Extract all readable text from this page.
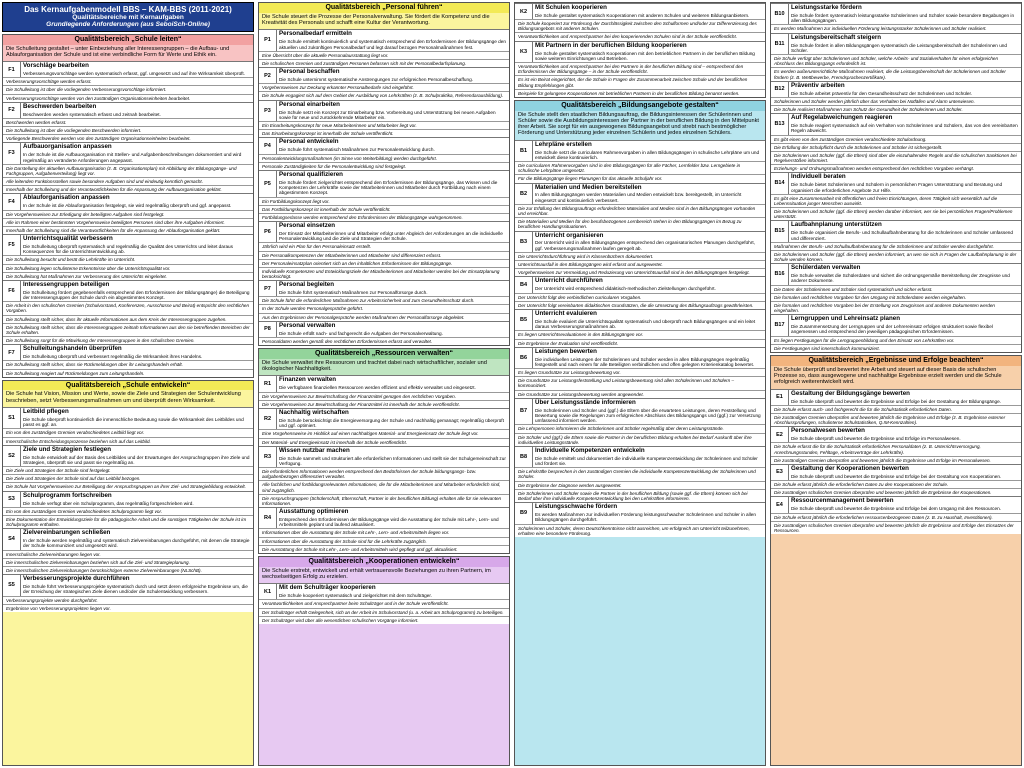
Das Kernaufgabenmodell BBS – KAM-BBS (2011-2021)
Qualitätsbereiche mit Kernaufgaben
Grundlegende Anforderungen (aus SeboiSch-Online)
Qualitätsbereich „Schule leiten“
Die Schulleitung gestaltet – unter Einbeziehung aller Interessengruppen – die Aufbau- und Ablauforganisation der Schule und ist eine verbindliche Form für Werte und Ethik ein.
F1
Vorschläge bearbeiten
Verbesserungsvorschläge werden systematisch erfasst, ggf. umgesetzt und auf ihre Wirksamkeit überprüft.
Verbesserungsvorschläge werden erfasst.
Die Schulleitung ist über die vorliegenden Verbesserungsvorschläge informiert.
Verbesserungsvorschläge werden von den zuständigen Organisationseinheiten bearbeitet.
F2
Beschwerden bearbeiten
Beschwerden werden systematisch erfasst und zeitnah bearbeitet.
Beschwerden werden erfasst.
Die Schulleitung ist über die vorliegenden Beschwerden informiert.
Vorliegende Beschwerden werden von den zuständigen Organisationseinheiten bearbeitet.
F3
Aufbauorganisation anpassen
In der Schule ist die Aufbauorganisation mit Stellen- und Aufgabenbeschreibungen dokumentiert und wird regelmäßig an veränderte Anforderungen angepasst.
Die Darstellung der aktuellen Aufbauorganisation (z. B. Organisationsplan) mit Abbildung der Bildungsgänge- und Fachgruppen, Aufgabenverteilung) liegt vor.
Alle leitenden Funktionsstellen sowie besondere Aufgaben sind und eindeutig kenntlich gemacht.
Innerhalb der Schulleitung und der Verantwortlichkeiten für die Anpassung der Aufbauorganisation geklärt.
F4
Ablauforganisation anpassen
In der Schule ist die Ablauforganisation festgelegt, sie wird regelmäßig überprüft und ggf. angepasst.
Die Vorgehensweisen zur Erledigung der beteiligten Aufgaben sind festgelegt.
Alle im Rahmen einer bestimmten Vorgehensweise beteiligten Personen sind über ihre Aufgaben informiert.
Innerhalb der Schulleitung sind die Verantwortlichkeiten für die Anpassung der Ablauforganisation geklärt.
F5
Unterrichtsqualität verbessern
Die Schulleitung überprüft systematisch und regelmäßig die Qualität des Unterrichts und leitet daraus Konsequenzen für die Unterrichtsentwicklung ab.
Die Schulleitung besucht und berät die Lehrkräfte im Unterricht.
Die Schulleitung legen schulinterne Erkenntnisse über die Unterrichtsqualität vor.
Die Schulleitung hat Maßnahmen zur Verbesserung des Unterrichts eingeleitet.
F6
Interessengruppen beteiligen
Die Schulleitung fördert gegebenenfalls entsprechend den Erfordernissen der Bildungsgänge) die Beteiligung der Interessengruppen der Schule durch ein abgestimmtes Konzept.
Die Arbeit in den schulischen Gremien (Schulvorstand, Konferenzen, Ausschüsse und Beirat) entspricht den rechtlichen Vorgaben.
Die Schulleitung stellt sicher, dass ihr aktuelle Informationen aus dem Kreis der Interessengruppen zugehen.
Die Schulleitung stellt sicher, dass die Interessengruppen zeitnah Informationen aus den sie betreffenden Bereichen der Schule erhalten.
Die Schulleitung sorgt für die Mitwirkung der Interessengruppen in den schulischen Gremien.
F7
Schulleitungshandeln überprüfen
Die Schulleitung überprüft und verbessert regelmäßig die Wirksamkeit ihres Handelns.
Die Schulleitung stellt sicher, dass sie Rückmeldungen über ihr Leitungshandeln erhält.
Die Schulleitung reagiert auf Rückmeldungen zum Leitungshandeln.
Qualitätsbereich „Schule entwickeln“
Die Schule hat Vision, Mission und Werte, sowie die Ziele und Strategien der Schulentwicklung beschrieben, setzt Verbesserungsmaßnahmen um und überprüft deren Wirksamkeit.
S1
Leitbild pflegen
Die Schule überprüft kontinuierlich die inmenschliche Bedeutung sowie die Wirksamkeit des Leitbildes und passt es ggf. an.
Ein von den zuständigen Gremien verabschiedetes Leitbild liegt vor.
Innerschulische Entscheidungsprozesse beziehen sich auf das Leitbild.
S2
Ziele und Strategien festlegen
Die Schule entwickelt auf der Basis des Leitbildes und der Erwartungen der Anspruchsgruppen ihre Ziele und Strategien, überprüft sie und passt sie regelmäßig an.
Die Ziele und Strategien der Schule sind festgelegt.
Die Ziele und Strategien der Schule sind auf das Leitbild bezogen.
Die Schule hat Vorgehensweisen zur Beteiligung der Anspruchsgruppen an ihrer Ziel- und Strategiebildung entwickelt.
S3
Schulprogramm fortschreiben
Die Schule verfügt über ein Schulprogramm, das regelmäßig fortgeschrieben wird.
Ein von den zuständigen Gremien verabschiedetes Schulprogramm liegt vor.
Eine Dokumentation der Entwicklungsziele für die pädagogische Arbeit und die sonstigen Tätigkeiten der Schule ist im Schulprogramm enthalten.
S4
Zielvereinbarungen schließen
In der Schule werden regelmäßig und systematisch Zielvereinbarungen durchgeführt, mit denen die Strategie der Schule kommuniziert und umgesetzt wird.
Innerschulische Zielvereinbarungen liegen vor.
Die innerschulischen Zielvereinbarungen beziehen sich auf die Ziel- und Strategieplanung.
Die innerschulischen Zielvereinbarungen berücksichtigen externe Zielvereinbarungen (NLSchB).
S5
Verbesserungsprojekte durchführen
Die Schule führt Verbesserungsprojekte systematisch durch und setzt deren erfolgreiche Ergebnisse um, die der Erreichung der strategischen Ziele dienen und/oder die Schulentwicklung verbessern.
Verbesserungsprojekte werden durchgeführt.
Ergebnisse von Verbesserungsprojekten liegen vor.
Qualitätsbereich „Personal führen“
Die Schule steuert die Prozesse der Personalverwaltung. Sie fördert die Kompetenz und die Kreativität des Personals und schafft eine Kultur der Verantwortung.
P1
Personalbedarf ermitteln
Die Schule ermittelt kontinuierlich und systematisch entsprechend den Erfordernissen der Bildungsgänge den aktuellen und zukünftigen Personalbedarf und legt darauf bezogen Personalmaßnahmen fest.
Eine Übersicht über die aktuelle Personalausstattung liegt vor.
Die schulischen Gremien und zuständigen Personen befassen sich mit der Personalbedarfsplanung.
P2
Personal beschaffen
Die Schule unternimmt systematische Anstrengungen zur erfolgreichen Personalbeschaffung.
Vorgehensweisen zur Deckung erkannter Personalbedarfe sind eingeführt.
Die Schule engagiert sich auf dem Gebiet der Ausbildung von Lehrkräften (z. B. Schulpraktika, Referendarausbildung).
P3
Personal einarbeiten
Die Schule setzt ein Konzept zur Einarbeitung bzw. Vorbereitung und Unterstützung bei neuen Aufgaben sowie für neue und zurückkehrende Mitarbeiter ein.
Ein Einarbeitungskonzept für neue Mitarbeiterinnen und Mitarbeiter liegt vor.
Das Einarbeitungskonzept ist innerhalb der Schule veröffentlicht.
P4
Personal entwickeln
Die Schule führt systematisch Maßnahmen zur Personalentwicklung durch.
Personalentwicklungsmaßnahmen (im Sinne von Weiterbildung) werden durchgeführt.
Personale Zuständigkeiten für die Personalentwicklung sind festgelegt.
P5
Personal qualifizieren
Die Schule fördert zielgerichtet entsprechend den Erfordernissen der Bildungsgänge, das Wissen und die Kompetenzen der Lehrkräfte sowie der Mitarbeiterinnen und Mitarbeiter durch Fortbildung nach einem abgestimmten Konzept.
Ein Fortbildungskonzept liegt vor.
Das Fortbildungskonzept ist innerhalb der Schule veröffentlicht.
Fortbildungserlasse werden entsprechend den Erfordernissen der Bildungsgänge wahrgenommen.
P6
Personal einsetzen
Der Einsatz der Mitarbeiterinnen und Mitarbeiter erfolgt unter Abgleich der Anforderungen an die individuelle Personalentwicklung und die Ziele und Strategien der Schule.
Jährlich wird ein Plan für den Personaleinsatz erstellt.
Die Personalkompetenzen der Mitarbeiterinnen und Mitarbeiter sind differenziert erfasst.
Der Personaleinsatzplan orientiert sich an den inhaltlichen Erfordernissen der Bildungsgänge.
Individuelle Kompetenzen und Entwicklungsziele der Mitarbeiterinnen und Mitarbeiter werden bei der Einsatzplanung berücksichtigt.
P7
Personal begleiten
Die Schule führt systematisch Maßnahmen zur Personalfürsorge durch.
Die Schule führt die erforderlichen Maßnahmen zur Arbeitssicherheit und zum Gesundheitsschutz durch.
In der Schule werden Personalgespräche geführt.
Aus den Ergebnissen der Personalgespräche werden Maßnahmen der Personalfürsorge abgeleitet.
P8
Personal verwalten
Die Schule erfüllt nach- und fachgerecht die Aufgaben der Personalverwaltung.
Personaldaten werden gemäß den rechtlichen Erfordernissen erfasst und verwaltet.
Qualitätsbereich „Ressourcen verwalten“
Die Schule verwaltet ihre Ressourcen und trachtet dabei nach wirtschaftlicher, sozialer und ökologischer Nachhaltigkeit.
R1
Finanzen verwalten
Die verfügbaren finanziellen Ressourcen werden effizient und effektiv verwaltet und eingesetzt.
Die Vorgehensweisen zur Bewirtschaftung der Finanzmittel genügen den rechtlichen Vorgaben.
Die Vorgehensweisen zur Bewirtschaftung der Finanzmittel ist innerhalb der Schule veröffentlicht.
R2
Nachhaltig wirtschaften
Die Schule berücksichtigt die Energieversorgung der Schule und nachhaltig gemanagt; regelmäßig überprüft und ggf. optimiert.
Eine Vorgehensweise im Hinblick auf einen nachhaltigen Material- und Energieeinsatz der Schule liegt vor.
Der Material- und Energieeinsatz ist innerhalb der Schule veröffentlicht.
R3
Wissen nutzbar machen
Die Schule sammelt und strukturiert alle erforderlichen Informationen und stellt sie der Schulgemeinschaft zur Verfügung.
Die erforderlichen Informationen werden entsprechend den Bedürfnissen der Schule bildungsgangs- bzw. aufgabenbezogen differenziert verwaltet.
Alle fachlichen und fortbildungsrelevanten Informationen, die für die Mitarbeiterinnen und Mitarbeiter erforderlich sind, sind zugänglich.
Die Anspruchsgruppen (Schülerschaft, Elternschaft, Partner in der beruflichen Bildung) erhalten alle für sie relevanten Informationen.
R4
Ausstattung optimieren
Entsprechend den Erfordernissen der Bildungsgänge wird die Ausstattung der Schule mit Lehr-, Lern- und Arbeitsmitteln geplant und laufend aktualisiert.
Informationen über die Ausstattung der Schule mit Lehr-, Lern- und Arbeitsmitteln liegen vor.
Informationen über die Ausstattung der Schule sind für die Lehrkräfte zugänglich.
Die Ausstattung der Schule mit Lehr-, Lern- und Arbeitsmitteln wird gepflegt und ggf. aktualisiert.
Qualitätsbereich „Kooperationen entwickeln“
Die Schule erstrebt, entwickelt und erhält vertrauensvolle Beziehungen zu ihren Partnern, im wechselseitigen Erfolg zu erzielen.
K1
Mit dem Schulträger kooperieren
Die Schule kooperiert systematisch und zielgerichtet mit dem Schulträger.
Verantwortlichkeiten und Ansprechpartner beim Schulträger und in der Schule veröffentlicht.
Der Schulträger erhält Gelegenheit, sich an der Arbeit im Schulvorstand (u. a. Arbeit am Schulprogramm) zu beteiligen.
Der Schulträger wird über alle wesentlichen schulischen Vorgänge informiert.
K2
Mit Schulen kooperieren
Die Schule gestaltet systematisch Kooperationen mit anderen Schulen und weiteren Bildungsanbietern.
Die Schule kooperiert zur Förderung der Durchlässigkeit zwischen den Schulformen und/oder zur Differenzierung des Bildungsangebots mit anderen Schulen.
Verantwortlichkeiten und Ansprechpartner bei den kooperierenden Schulen sind in der Schule veröffentlicht.
K3
Mit Partnern in der beruflichen Bildung kooperieren
Die Schule gestaltet systematisch Kooperationen mit den betrieblichen Partnern in der beruflichen Bildung sowie weiteren Einrichtungen und Betrieben.
Verantwortlichkeiten und Ansprechpartner bei den Partnern in der beruflichen Bildung sind – entsprechend den Erfordernissen der Bildungsgänge – in der Schule veröffentlicht.
Es ist ein Beirat eingerichtet, der die Schule in Fragen der Zusammenarbeit zwischen Schule und der beruflichen Bildung Empfehlungen gibt.
Beispiele für gelungene Kooperationen mit betrieblichen Partnern in der beruflichen Bildung benannt werden.
Qualitätsbereich „Bildungsangebote gestalten“
Die Schule stellt den staatlichen Bildungsauftrag, die Bildungsinteressen der Schülerinnen und Schüler sowie die Ausbildungsinteressen der Partner in der beruflichen Bildung in den Mittelpunkt ihrer Arbeit. Sie sorgt für ein ausgewogenes Bildungsangebot und strebt nach bestmöglicher Förderung und Unterstützung jeder einzelnen Schülerin und jedes einzelnen Schülers.
B1
Lehrpläne erstellen
Die Schule setzt die curricularen Rahmenvorgaben in allen Bildungsgängen in schulische Lehrpläne um und entwickelt diese kontinuierlich.
Die curricularen Rahmenvorgaben sind in den Bildungsgängen für alle Fächer, Lernfelder bzw. Lerngebiete in schulische Lehrpläne umgesetzt.
Für die Bildungsgänge liegen Planungen für das aktuelle Schuljahr vor.
B2
Materialien und Medien bereitstellen
In allen Bildungsgängen werden Materialien und Medien entwickelt bzw. bereitgestellt, im Unterricht eingesetzt und kontinuierlich verbessert.
Die zur Erfüllung des Bildungsauftrags erforderlichen Materialien und Medien sind in den Bildungsgängen vorhanden und erreichbar.
Die Materialien und Medien für den berufsbezogenen Lernbereich stehen in den Bildungsgängen im Bezug zu beruflichen Handlungssituationen.
B3
Unterricht organisieren
Der Unterricht wird in allen Bildungsgängen entsprechend den organisatorischen Planungen durchgeführt, ggf. Verbesserungsmaßnahmen laufen geregelt ab.
Die Unterrichtsdurchführung wird in Klassenbüchern dokumentiert.
Unterrichtsausfall in den Bildungsgängen wird erfasst und ausgewertet.
Vorgehensweisen zur Vermeidung und Reduzierung von Unterrichtsausfall sind in den Bildungsgängen festgelegt.
B4
Unterricht durchführen
Der Unterricht wird entsprechend didaktisch-methodischen Zielstellungen durchgeführt.
Der Unterricht folgt den verbindlichen curricularen Vorgaben.
Der Unterricht folgt vereinbarten didaktischen Grundsätzen, die die Umsetzung des Bildungsauftrags gewährleisten.
B5
Unterricht evaluieren
Die Schule evaluiert die Unterrichtsqualität systematisch und überprüft nach Bildungsgängen und ein leitet daraus Verbesserungsmaßnahmen ab.
Es liegen Unterrichtsevaluationen in den Bildungsgängen vor.
Die Ergebnisse der Evaluation sind veröffentlicht.
B6
Leistungen bewerten
Die individuellen Leistungen der Schülerinnen und Schüler werden in allen Bildungsgängen regelmäßig festgestellt und nach einem für alle Beteiligten verbindlichen und offen gelegten Kriterienkatalog bewertet.
Es liegen Grundsätze zur Leistungsbewertung vor.
Die Grundsätze zur Leistungsfeststellung und Leistungsbewertung sind allen Schülerinnen und Schülern – kommuniziert.
Die Grundsätze zur Leistungsbewertung werden angewendet.
B7
Über Leistungsstände informieren
Die Schülerinnen und Schüler und (ggf.) die Eltern über die erwarteten Leistungen, deren Feststellung und Bewertung sowie die Regelungen zum erfolgreichen Abschluss des Bildungsgangs und (ggf.) zur Versetzung umfassend informiert werden.
Die Lehrpersonen informieren die Schülerinnen und Schüler regelmäßig über deren Leistungsstände.
Die Schüler und (ggf.) die Eltern sowie die Partner in der beruflichen Bildung erhalten bei Bedarf Auskunft über ihre individuellen Leistungsstände.
B8
Individuelle Kompetenzen entwickeln
Die Schule ermittelt und dokumentiert die individuelle Kompetenzentwicklung der Schülerinnen und Schüler und fördert sie.
Die Lehrkräfte besprechen in den zuständigen Gremien die individuelle Kompetenzentwicklung der Schülerinnen und Schüler.
Die Ergebnisse der Diagnose werden ausgewertet.
Die Schülerinnen und Schüler sowie die Partner in der beruflichen Bildung (sowie ggf. die Eltern) können sich bei Bedarf über ihre individuelle Kompetenzentwicklung bei den Lehrkräften informieren.
B9
Leistungsschwache fördern
Es werden Maßnahmen zur individuellen Förderung leistungsschwacher Schülerinnen und Schüler in allen Bildungsgängen durchgeführt.
Schülerinnen und Schüler, deren Deutschkenntnisse nicht ausreichen, um erfolgreich am Unterricht teilzunehmen, erhalten eine besondere Förderung.
B10
Leistungsstarke fördern
Die Schule fördert systematisch leistungsstarke Schülerinnen und Schüler sowie besondere Begabungen in allen Bildungsgängen.
Es werden Maßnahmen zur individuellen Förderung leistungsstarker Schülerinnen und Schüler realisiert.
B11
Leistungsbereitschaft steigern
Die Schule fördert in allen Bildungsgängen systematisch die Leistungsbereitschaft der Schülerinnen und Schüler.
Die Schule verfügt über Schülerinnen und Schüler, welche Arbeits- und Sozialverhalten für einen erfolgreichen Abschluss des Bildungsgangs erforderlich ist.
Es werden außerunterrichtliche Maßnahmen realisiert, die die Leistungsbereitschaft der Schülerinnen und Schüler fördern (z. B. Wettbewerbe, Fremdsprachenzertifikate).
B12
Präventiv arbeiten
Die Schule arbeitet präventiv für den Gesundheitsschutz der Schülerinnen und Schüler.
Schülerinnen und Schüler werden jährlich über das Verhalten bei Notfällen und Alarm unterwiesen.
Die Schule realisiert Maßnahmen zum Schutz der Gesundheit der Schülerinnen und Schüler.
B13
Auf Regelabweichungen reagieren
Die Schule reagiert systematisch auf ein Verhalten von Schülerinnen und Schülern, das von den vereinbarten Regeln abweicht.
Es gibt einen von den zuständigen Gremien verabschiedete Schulordnung.
Die Erfüllung der Schulpflicht durch die Schülerinnen und Schüler ist sichergestellt.
Die Schülerinnen und Schüler (ggf. die Eltern) sind über die einzuhaltenden Regeln und die schulischen Sanktionen bei Regelverstößen informiert.
Erziehungs- und Ordnungsmaßnahmen werden entsprechend den rechtlichen Vorgaben verhängt.
B14
Individuell beraten
Die Schule bietet Schülerinnen und Schülern in persönlichen Fragen Unterstützung und Beratung und organisiert die erforderlichen Angebote zur Hilfe.
Es gibt eine Zusammenarbeit mit öffentlichen und freien Einrichtungen, deren Tätigkeit sich wesentlich auf die Lebenssituation junger Menschen auswirkt.
Die Schülerinnen und Schüler (ggf. die Eltern) werden darüber informiert, wer sie bei persönlichen Fragen/Problemen unterstützt.
B15
Laufbahnplanung unterstützen
Die Schule organisiert die Berufs- und Schullaufbahnberatung für die Schülerinnen und Schüler umfassend und differenziert.
Maßnahmen der Berufs- und Schullaufbahnberatung für die Schülerinnen und Schüler werden durchgeführt.
Die Schülerinnen und Schüler (ggf. die Eltern) werden informiert, an wen sie sich in Fragen der Laufbahnplanung in der Schule wenden können.
B16
Schülerdaten verwalten
Die Schule verwaltet die Schülerdaten und sichert die ordnungsgemäße Bereitstellung der Zeugnisse und anderer Dokumente.
Die Daten der Schülerinnen und Schüler sind systematisch und sicher erfasst.
Die formalen und rechtlichen Vorgaben für den Umgang mit Schülerdaten werden eingehalten.
Die formalen und rechtlichen Vorgaben bei der Erstellung von Zeugnissen und anderen Dokumenten werden eingehalten.
B17
Lerngruppen und Lehreinsatz planen
Die Zusammensetzung der Lerngruppen und der Lehrereinsatz erfolgen strukturiert sowie flexibel angemessen und entsprechend den jeweiligen pädagogischen Erfordernissen.
Es liegen Festlegungen für die Lerngruppenbildung und den Einsatz von Lehrkräften vor.
Die Festlegungen sind innerschulisch kommuniziert.
Qualitätsbereich „Ergebnisse und Erfolge beachten“
Die Schule überprüft und bewertet ihre Arbeit und steuert auf dieser Basis die schulischen Prozesse so, dass ausgewogene und nachhaltige Ergebnisse erzielt werden und die Schule erfolgreich weiterentwickelt wird.
E1
Gestaltung der Bildungsgänge bewerten
Die Schule überprüft und bewertet die Ergebnisse und Erfolge bei der Gestaltung der Bildungsgänge.
Die Schule erfasst auch- und fachgerecht die für die Schulstatistik erforderlichen Daten.
Die zuständigen Gremien überprüfen und bewerten jährlich die Ergebnisse und Erfolge (z. B. Ergebnisse externer Abschlussprüfungen, schulinterne Schulstatistiken, Q.IM-Kennzahlen).
E2
Personalwesen bewerten
Die Schule überprüft und bewertet die Ergebnisse und Erfolge im Personalwesen.
Die Schule erfasst die für die Schulstatistik erforderlichen Personaldaten (z. B. Unterrichtsversorgung, Anrechnungsstunden, Fehltage, Arbeitsverträge der Lehrkräfte).
Die zuständigen Gremien überprüfen und bewerten jährlich die Ergebnisse und Erfolge im Personalwesen.
E3
Gestaltung der Kooperationen bewerten
Die Schule überprüft und bewertet die Ergebnisse und Erfolge bei der Gestaltung von Kooperationen.
Die Schule erfasst jährlich die erforderlichen Daten zu den Kooperationen der Schule.
Die zuständigen schulischen Gremien überprüfen und bewerten jährlich die Ergebnisse der Kooperationen.
E4
Ressourcenmanagement bewerten
Die Schule überprüft und bewertet die Ergebnisse und Erfolge bei dem Umgang mit den Ressourcen.
Die Schule erfasst jährlich die erforderlichen ressourcenbezogenen Daten (z. B. zu Haushalt, Investitionen).
Die zuständigen schulischen Gremien überprüfen und bewerten jährlich die Ergebnisse und Erfolge des Einsatzes der Ressourcen.
